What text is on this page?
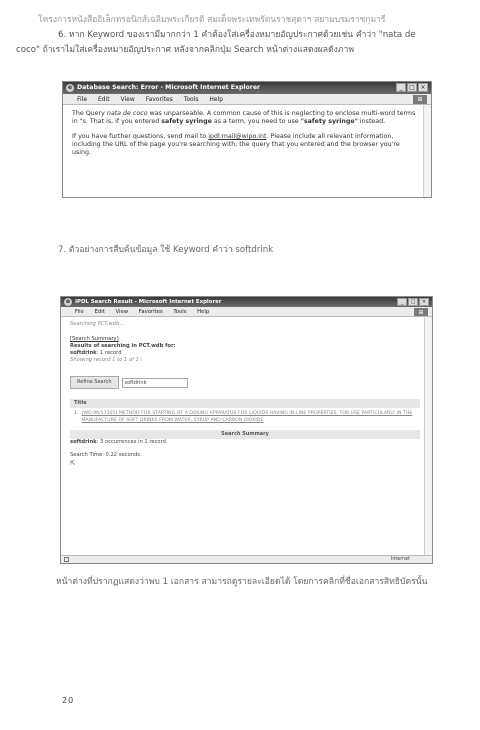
โครงการหนังสืออิเล็กทรอนิกส์เฉลิมพระเกียรติ สมเด็จพระเทพรัตนราชสุดาฯ สยามบรมราชกุมารี
6. หาก Keyword ของเรามีมากกว่า 1 คำต้องใส่เครื่องหมายอัญประกาศด้วยเช่น คำว่า "nata de
coco" ถ้าเราไม่ใส่เครื่องหมายอัญประกาศ หลังจากคลิกปุ่ม Search หน้าต่างแสดงผลดังภาพ
e Database Search: Error - Microsoft Internet Explorer	_	□ ×
File Edit View Favorites Tools Help	⊞

The Query nata de coco was unparseable. A common cause of this is neglecting to enclose multi-word terms in "s. That is, if you entered safety syringe as a term, you need to use "safety syringe" instead.

If you have further questions, send mail to ipdl.mail@wipo.int. Please include all relevant information, including the URL of the page you're searching with, the query that you entered and the browser you're using.

7. ตัวอย่างการสืบค้นข้อมูล ใช้ Keyword คำว่า softdrink
e IPDL Search Result - Microsoft Internet Explorer	_	□	×
File Edit View Favorites Tools Help	⊞
Searching PCT.wdb...
[Search Summary]
Results of searching in PCT.wdb for:
softdrink: 1 record
Showing record 1 to 1 of 1 :
Refine Search	softdrink
Title
1. (WO 96/17305) METHOD FOR STARTING OF A DOSING APPARATUS FOR LIQUIDS HAVING IN-LINE PROPERTIES, FOR USE PARTICULARLY IN THE MANUFACTURE OF SOFT DRINKS FROM WATER, SYRUP AND CARBON DIOXIDE
Search Summary
softdrink: 3 occurrences in 1 record.
Search Time: 0.22 seconds.
⇱
Internet
หน้าต่างที่ปรากฏแสดงว่าพบ 1 เอกสาร สามารถดูรายละเอียดได้ โดยการคลิกที่ชื่อเอกสารสิทธิบัตรนั้น
20
